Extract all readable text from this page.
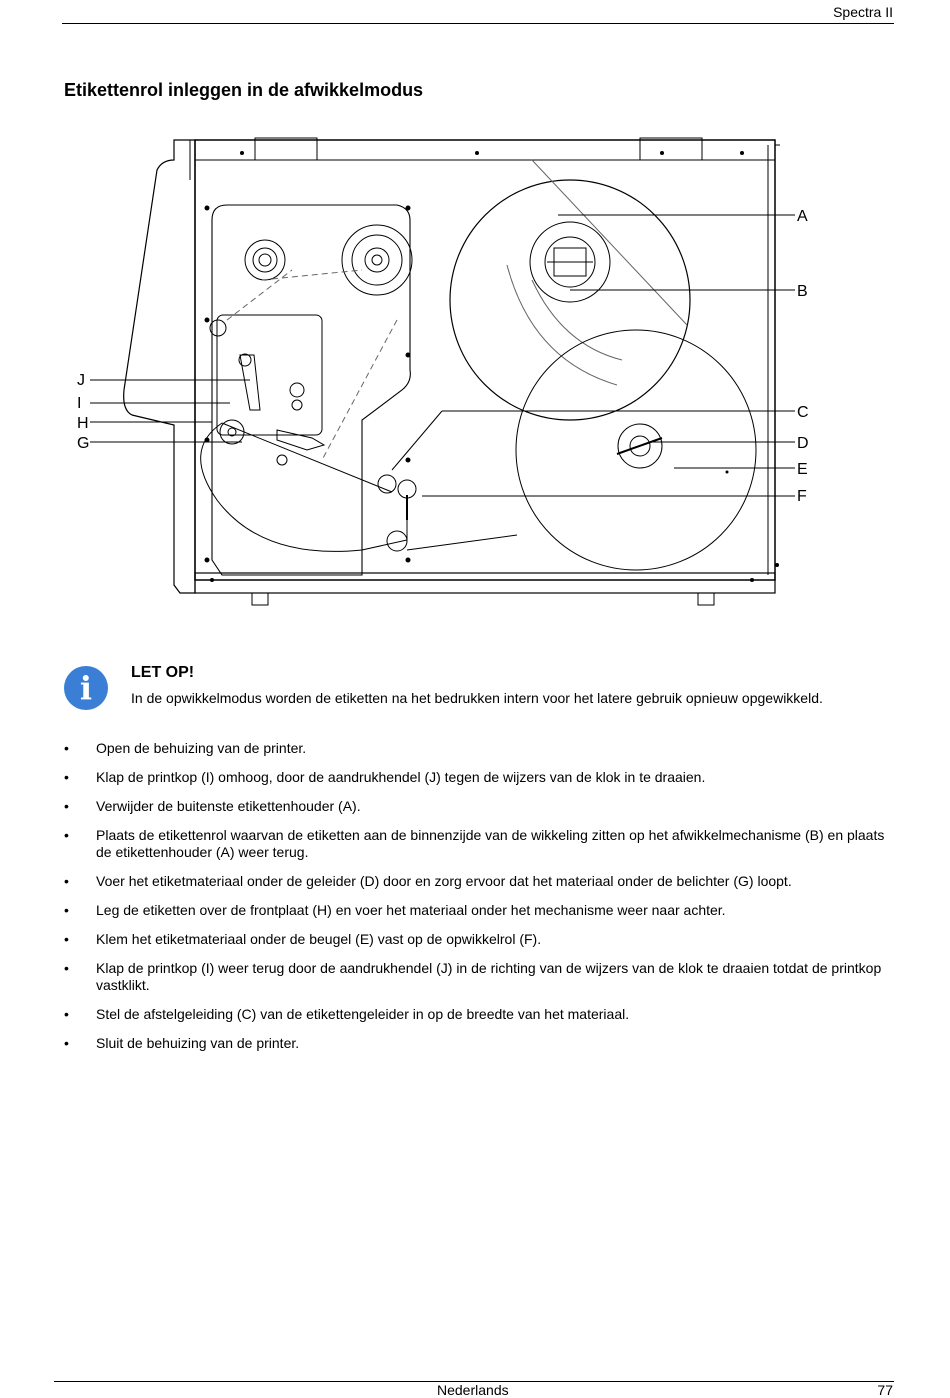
Spectra II
Etikettenrol inleggen in de afwikkelmodus
A
B
C
D
E
F
J
I
H
G
i	LET OP!
In de opwikkelmodus worden de etiketten na het bedrukken intern voor het latere gebruik opnieuw opgewikkeld.
• Open de behuizing van de printer.
• Klap de printkop (I) omhoog, door de aandrukhendel (J) tegen de wijzers van de klok in te draaien.
• Verwijder de buitenste etikettenhouder (A).
• Plaats de etikettenrol waarvan de etiketten aan de binnenzijde van de wikkeling zitten op het afwikkelmechanisme (B) en plaats de etikettenhouder (A) weer terug.
• Voer het etiketmateriaal onder de geleider (D) door en zorg ervoor dat het materiaal onder de belichter (G) loopt.
• Leg de etiketten over de frontplaat (H) en voer het materiaal onder het mechanisme weer naar achter.
• Klem het etiketmateriaal onder de beugel (E) vast op de opwikkelrol (F).
• Klap de printkop (I) weer terug door de aandrukhendel (J) in de richting van de wijzers van de klok te draaien totdat de printkop vastklikt.
• Stel de afstelgeleiding (C) van de etikettengeleider in op de breedte van het materiaal.
• Sluit de behuizing van de printer.
Nederlands	77
